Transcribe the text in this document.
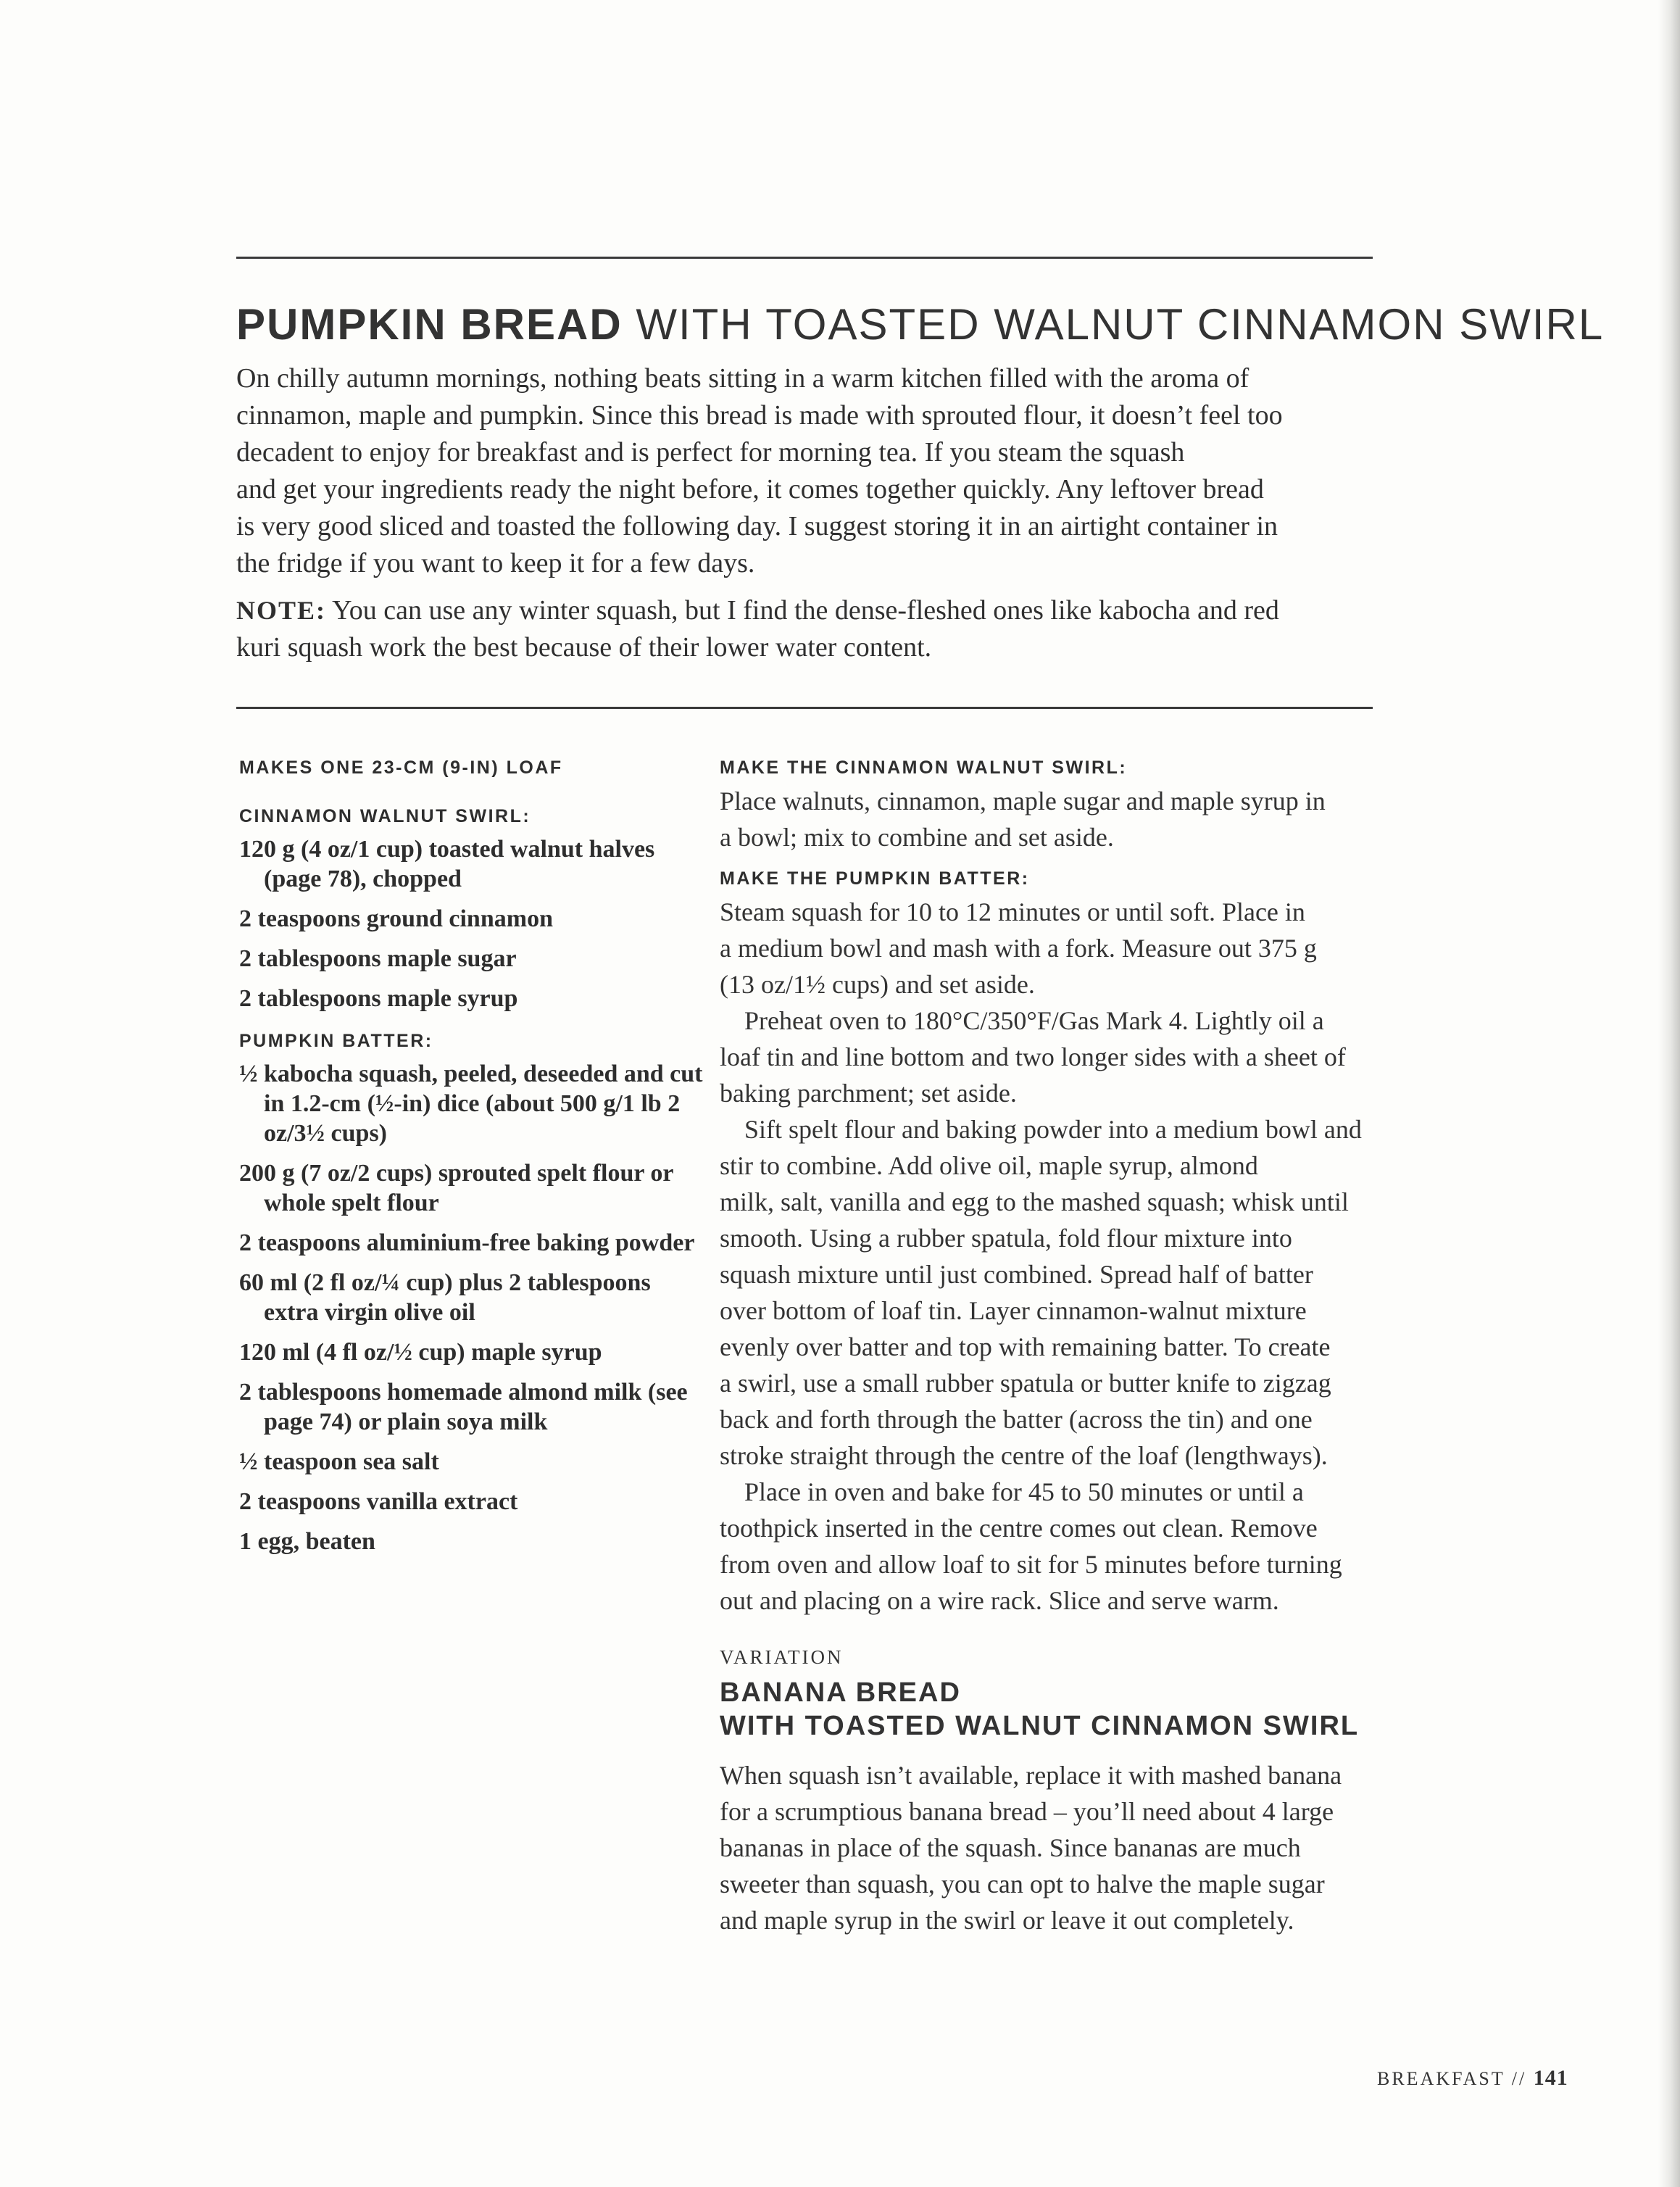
PUMPKIN BREAD WITH TOASTED WALNUT CINNAMON SWIRL
On chilly autumn mornings, nothing beats sitting in a warm kitchen filled with the aroma of
cinnamon, maple and pumpkin. Since this bread is made with sprouted flour, it doesn’t feel too
decadent to enjoy for breakfast and is perfect for morning tea. If you steam the squash
and get your ingredients ready the night before, it comes together quickly. Any leftover bread
is very good sliced and toasted the following day. I suggest storing it in an airtight container in
the fridge if you want to keep it for a few days.
NOTE: You can use any winter squash, but I find the dense-fleshed ones like kabocha and red
kuri squash work the best because of their lower water content.
MAKES ONE 23-CM (9-IN) LOAF
CINNAMON WALNUT SWIRL:
120 g (4 oz/1 cup) toasted walnut halves (page 78), chopped
2 teaspoons ground cinnamon
2 tablespoons maple sugar
2 tablespoons maple syrup
PUMPKIN BATTER:
½ kabocha squash, peeled, deseeded and cut in 1.2-cm (½-in) dice (about 500 g/1 lb 2 oz/3½ cups)
200 g (7 oz/2 cups) sprouted spelt flour or whole spelt flour
2 teaspoons aluminium-free baking powder
60 ml (2 fl oz/¼ cup) plus 2 tablespoons extra virgin olive oil
120 ml (4 fl oz/½ cup) maple syrup
2 tablespoons homemade almond milk (see page 74) or plain soya milk
½ teaspoon sea salt
2 teaspoons vanilla extract
1 egg, beaten
MAKE THE CINNAMON WALNUT SWIRL:
Place walnuts, cinnamon, maple sugar and maple syrup in
a bowl; mix to combine and set aside.
MAKE THE PUMPKIN BATTER:
Steam squash for 10 to 12 minutes or until soft. Place in
a medium bowl and mash with a fork. Measure out 375 g
(13 oz/1½ cups) and set aside.
Preheat oven to 180°C/350°F/Gas Mark 4. Lightly oil a
loaf tin and line bottom and two longer sides with a sheet of
baking parchment; set aside.
Sift spelt flour and baking powder into a medium bowl and
stir to combine. Add olive oil, maple syrup, almond
milk, salt, vanilla and egg to the mashed squash; whisk until
smooth. Using a rubber spatula, fold flour mixture into
squash mixture until just combined. Spread half of batter
over bottom of loaf tin. Layer cinnamon-walnut mixture
evenly over batter and top with remaining batter. To create
a swirl, use a small rubber spatula or butter knife to zigzag
back and forth through the batter (across the tin) and one
stroke straight through the centre of the loaf (lengthways).
Place in oven and bake for 45 to 50 minutes or until a
toothpick inserted in the centre comes out clean. Remove
from oven and allow loaf to sit for 5 minutes before turning
out and placing on a wire rack. Slice and serve warm.
VARIATION
BANANA BREAD
WITH TOASTED WALNUT CINNAMON SWIRL
When squash isn’t available, replace it with mashed banana
for a scrumptious banana bread – you’ll need about 4 large
bananas in place of the squash. Since bananas are much
sweeter than squash, you can opt to halve the maple sugar
and maple syrup in the swirl or leave it out completely.
BREAKFAST // 141
